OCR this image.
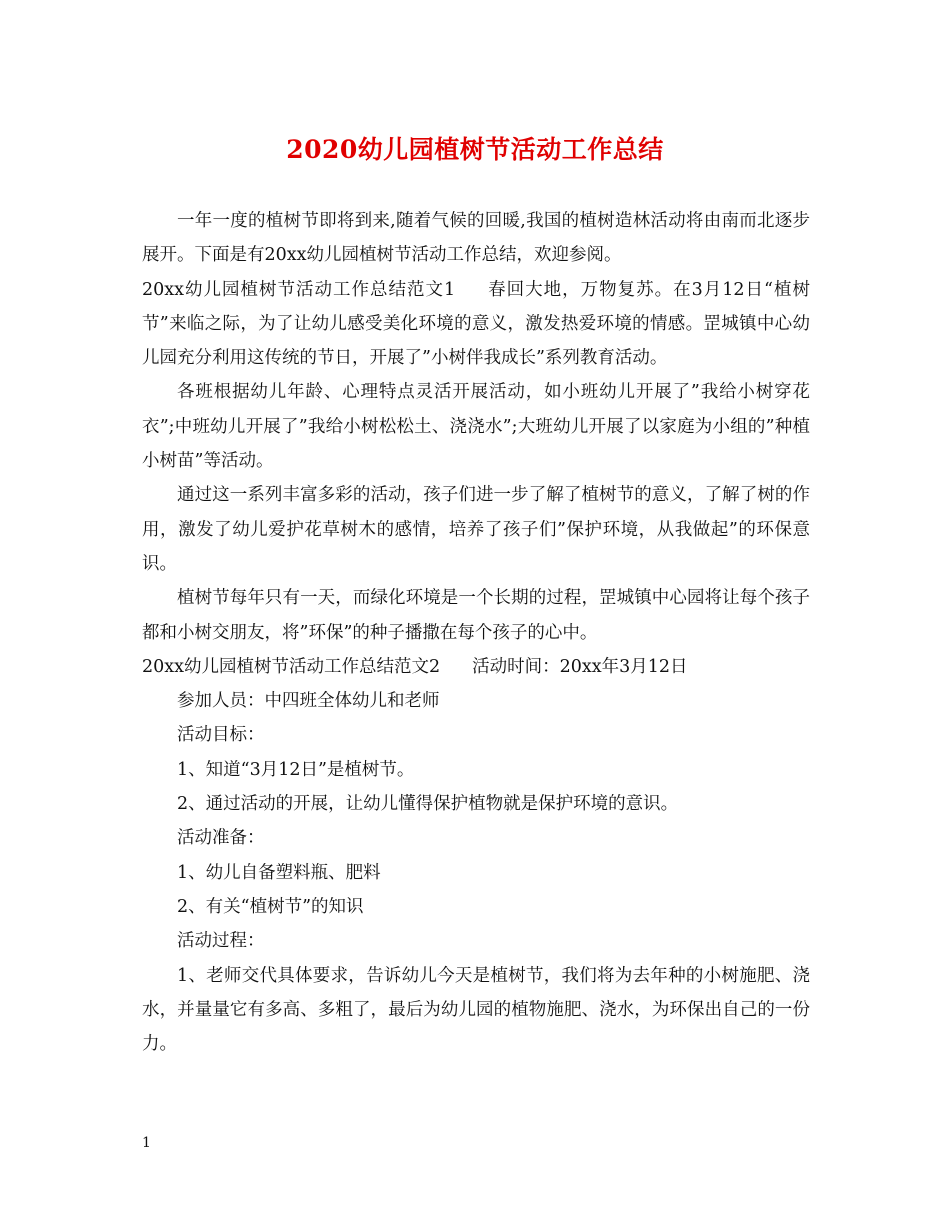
2020幼儿园植树节活动工作总结

一年一度的植树节即将到来,随着气候的回暖,我国的植树造林活动将由南而北逐步展开。下面是有20xx幼儿园植树节活动工作总结，欢迎参阅。

20xx幼儿园植树节活动工作总结范文1 春回大地，万物复苏。在3月12日“植树节”来临之际，为了让幼儿感受美化环境的意义，激发热爱环境的情感。罡城镇中心幼儿园充分利用这传统的节日，开展了”小树伴我成长”系列教育活动。

各班根据幼儿年龄、心理特点灵活开展活动，如小班幼儿开展了”我给小树穿花衣”;中班幼儿开展了”我给小树松松土、浇浇水”;大班幼儿开展了以家庭为小组的”种植小树苗”等活动。

通过这一系列丰富多彩的活动，孩子们进一步了解了植树节的意义，了解了树的作用，激发了幼儿爱护花草树木的感情，培养了孩子们”保护环境，从我做起”的环保意识。

植树节每年只有一天，而绿化环境是一个长期的过程，罡城镇中心园将让每个孩子都和小树交朋友，将”环保”的种子播撒在每个孩子的心中。

20xx幼儿园植树节活动工作总结范文2 活动时间：20xx年3月12日

参加人员：中四班全体幼儿和老师

活动目标：

1、知道“3月12日”是植树节。

2、通过活动的开展，让幼儿懂得保护植物就是保护环境的意识。

活动准备：

1、幼儿自备塑料瓶、肥料

2、有关“植树节”的知识

活动过程：

1、老师交代具体要求，告诉幼儿今天是植树节，我们将为去年种的小树施肥、浇水，并量量它有多高、多粗了，最后为幼儿园的植物施肥、浇水，为环保出自己的一份力。

1
